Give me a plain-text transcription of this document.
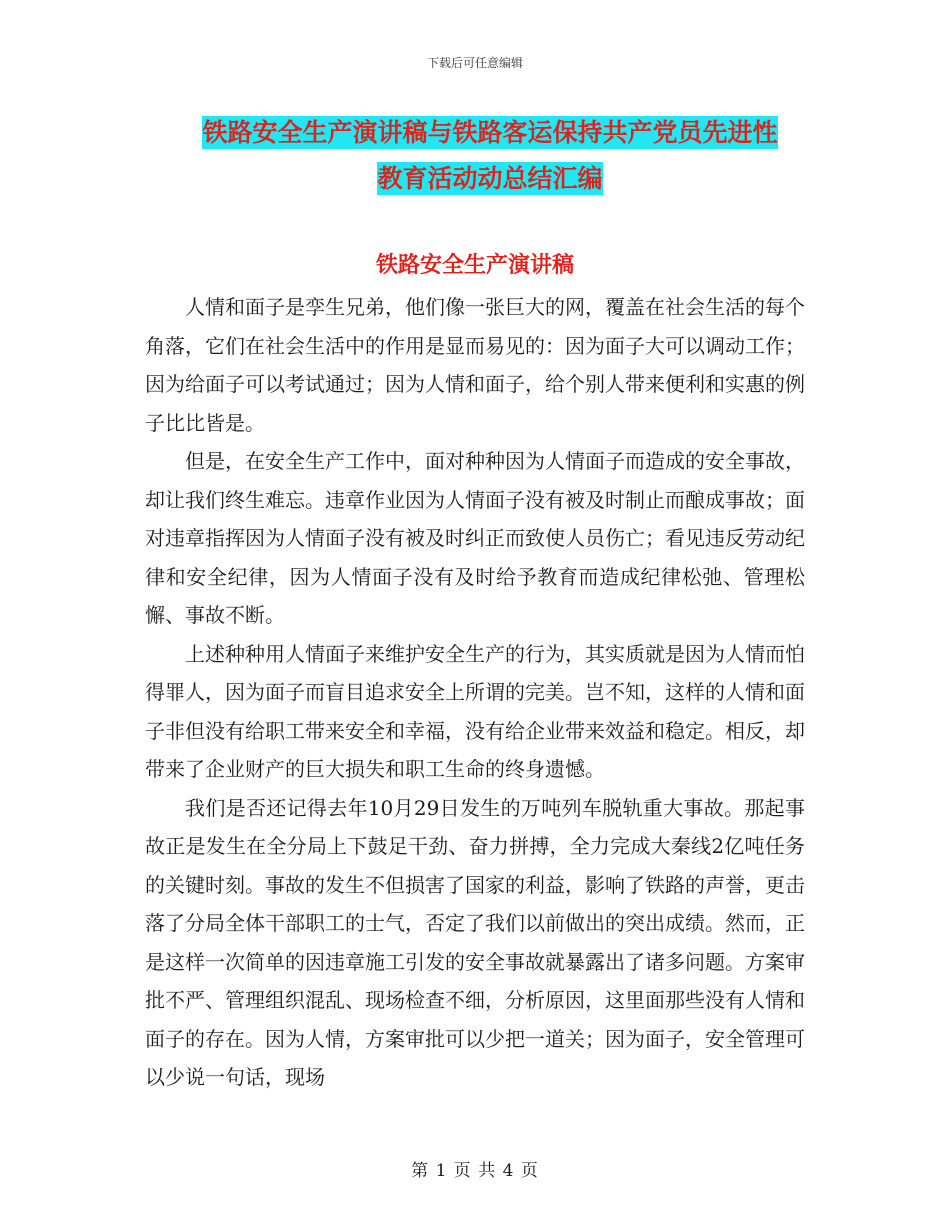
下载后可任意编辑
铁路安全生产演讲稿与铁路客运保持共产党员先进性
教育活动动总结汇编
铁路安全生产演讲稿

人情和面子是孪生兄弟，他们像一张巨大的网，覆盖在社会生活的每个角落，它们在社会生活中的作用是显而易见的：因为面子大可以调动工作；因为给面子可以考试通过；因为人情和面子，给个别人带来便利和实惠的例子比比皆是。

但是，在安全生产工作中，面对种种因为人情面子而造成的安全事故，却让我们终生难忘。违章作业因为人情面子没有被及时制止而酿成事故；面对违章指挥因为人情面子没有被及时纠正而致使人员伤亡；看见违反劳动纪律和安全纪律，因为人情面子没有及时给予教育而造成纪律松弛、管理松懈、事故不断。

上述种种用人情面子来维护安全生产的行为，其实质就是因为人情而怕得罪人，因为面子而盲目追求安全上所谓的完美。岂不知，这样的人情和面子非但没有给职工带来安全和幸福，没有给企业带来效益和稳定。相反，却带来了企业财产的巨大损失和职工生命的终身遗憾。

我们是否还记得去年10月29日发生的万吨列车脱轨重大事故。那起事故正是发生在全分局上下鼓足干劲、奋力拼搏，全力完成大秦线2亿吨任务的关键时刻。事故的发生不但损害了国家的利益，影响了铁路的声誉，更击落了分局全体干部职工的士气，否定了我们以前做出的突出成绩。然而，正是这样一次简单的因违章施工引发的安全事故就暴露出了诸多问题。方案审批不严、管理组织混乱、现场检查不细，分析原因，这里面那些没有人情和面子的存在。因为人情，方案审批可以少把一道关；因为面子，安全管理可以少说一句话，现场

第 1 页 共 4 页
